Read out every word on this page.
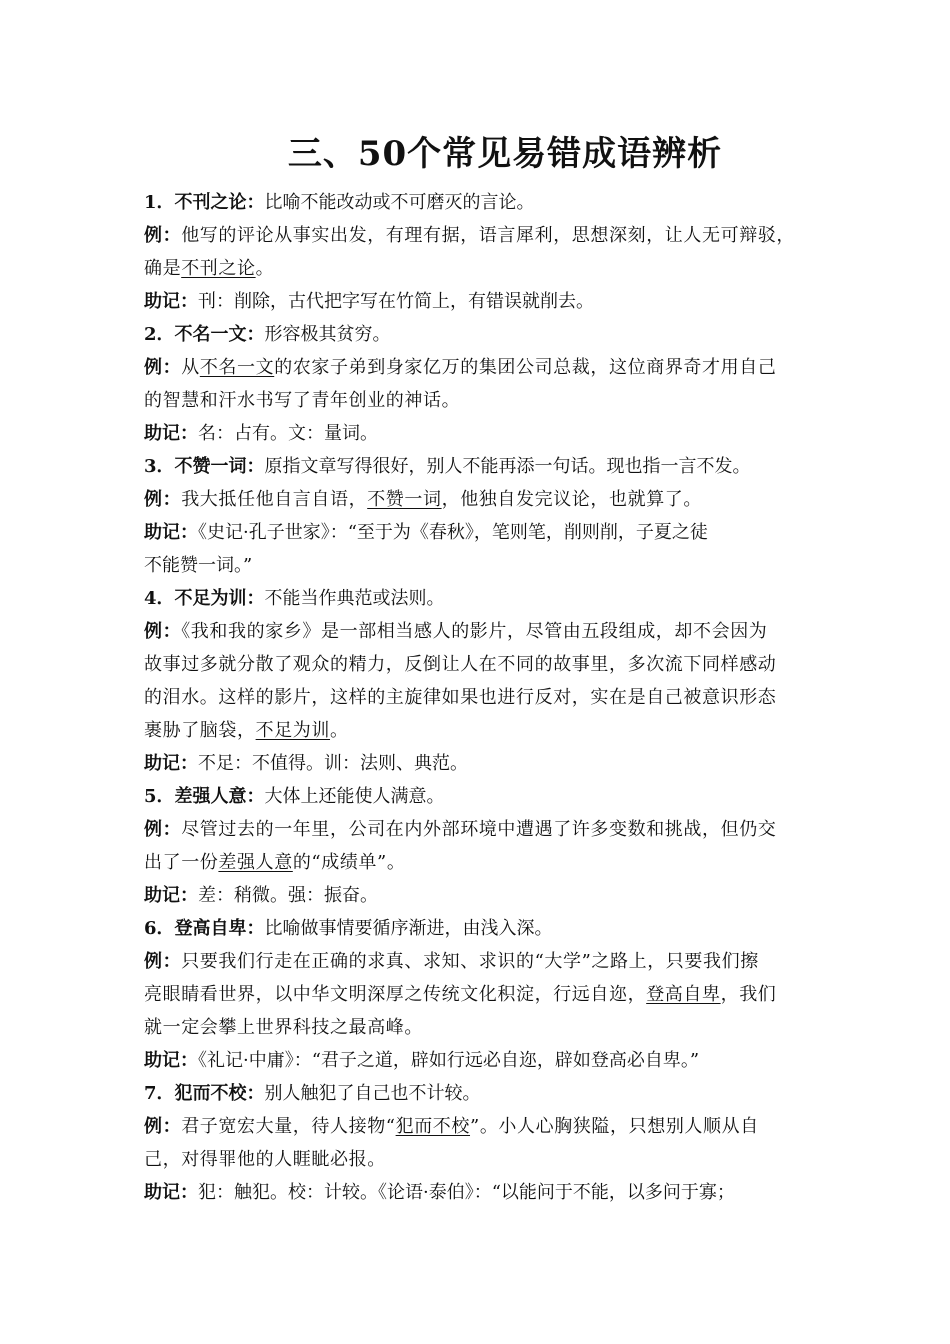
三、50个常见易错成语辨析
1．不刊之论：比喻不能改动或不可磨灭的言论。
例：他写的评论从事实出发，有理有据，语言犀利，思想深刻，让人无可辩驳，
确是不刊之论。
助记：刊：削除，古代把字写在竹简上，有错误就削去。
2．不名一文：形容极其贫穷。
例：从不名一文的农家子弟到身家亿万的集团公司总裁，这位商界奇才用自己
的智慧和汗水书写了青年创业的神话。
助记：名：占有。文：量词。
3．不赞一词：原指文章写得很好，别人不能再添一句话。现也指一言不发。
例：我大抵任他自言自语，不赞一词，他独自发完议论，也就算了。
助记：《史记·孔子世家》：“至于为《春秋》，笔则笔，削则削，子夏之徒
不能赞一词。”
4．不足为训：不能当作典范或法则。
例：《我和我的家乡》是一部相当感人的影片，尽管由五段组成，却不会因为
故事过多就分散了观众的精力，反倒让人在不同的故事里，多次流下同样感动
的泪水。这样的影片，这样的主旋律如果也进行反对，实在是自己被意识形态
裹胁了脑袋，不足为训。
助记：不足：不值得。训：法则、典范。
5．差强人意：大体上还能使人满意。
例：尽管过去的一年里，公司在内外部环境中遭遇了许多变数和挑战，但仍交
出了一份差强人意的“成绩单”。
助记：差：稍微。强：振奋。
6．登高自卑：比喻做事情要循序渐进，由浅入深。
例：只要我们行走在正确的求真、求知、求识的“大学”之路上，只要我们擦
亮眼睛看世界，以中华文明深厚之传统文化积淀，行远自迩，登高自卑，我们
就一定会攀上世界科技之最高峰。
助记：《礼记·中庸》：“君子之道，辟如行远必自迩，辟如登高必自卑。”
7．犯而不校：别人触犯了自己也不计较。
例：君子宽宏大量，待人接物“犯而不校”。小人心胸狭隘，只想别人顺从自
己，对得罪他的人睚眦必报。
助记：犯：触犯。校：计较。《论语·泰伯》：“以能问于不能，以多问于寡；
